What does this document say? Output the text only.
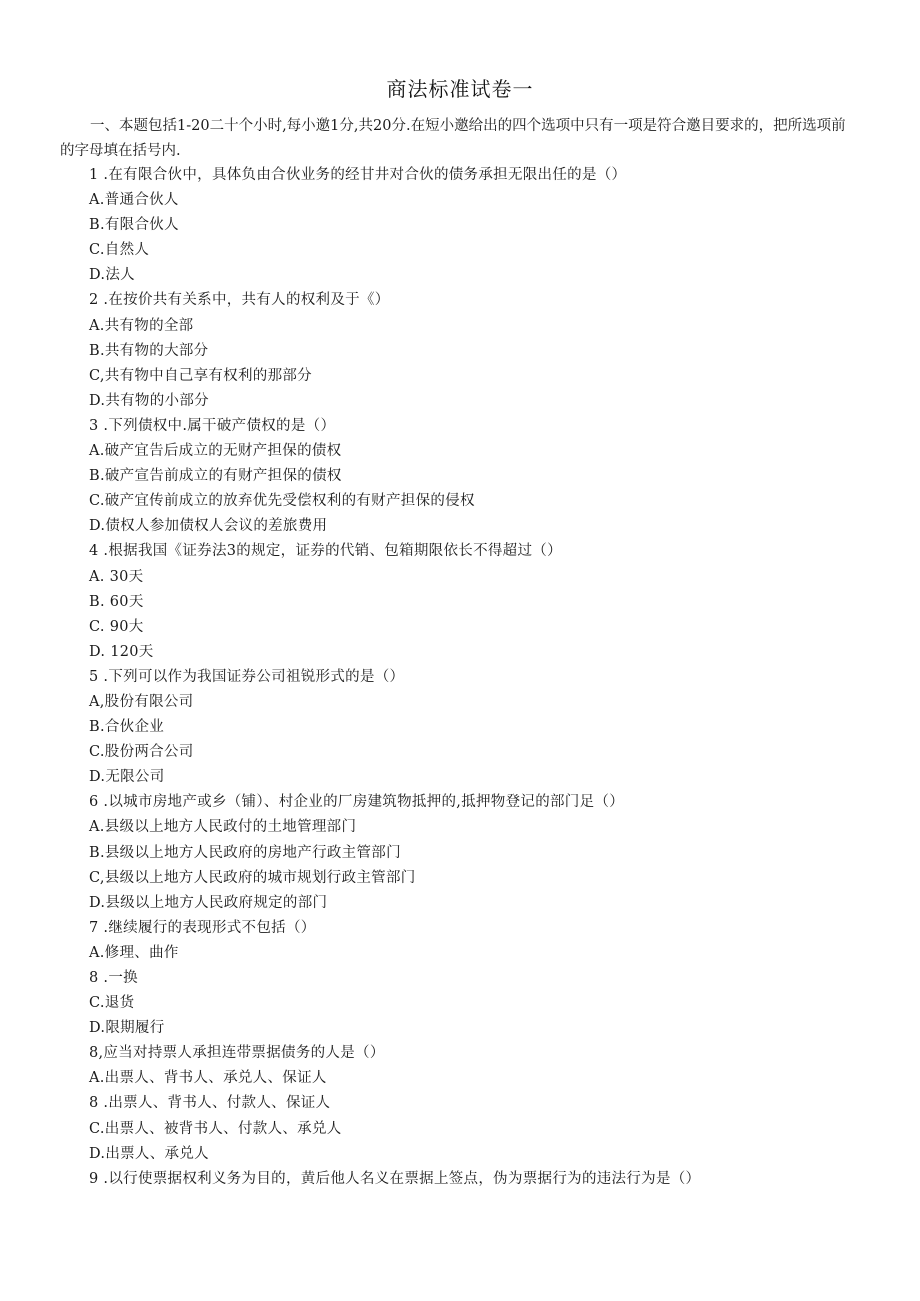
商法标准试卷一

一、本题包括1-20二十个小时,每小邀1分,共20分.在短小邀给出的四个选项中只有一项是符合邀目要求的，把所选项前的字母填在括号内.

1 .在有限合伙中，具体负由合伙业务的经甘井对合伙的债务承担无限出任的是（）
A.普通合伙人
B.有限合伙人
C.自然人
D.法人
2 .在按价共有关系中，共有人的权利及于《）
A.共有物的全部
B.共有物的大部分
C,共有物中自己享有权利的那部分
D.共有物的小部分
3 .下列债权中.属干破产债权的是（）
A.破产宜告后成立的无财产担保的债权
B.破产宣告前成立的有财产担保的债权
C.破产宜传前成立的放弃优先受偿权利的有财产担保的侵权
D.债权人参加债权人会议的差旅费用
4 .根据我国《证券法3的规定，证券的代销、包箱期限依长不得超过（）
A. 30天
B. 60天
C. 90大
D. 120天
5 .下列可以作为我国证券公司祖锐形式的是（）
A,股份有限公司
B.合伙企业
C.股份两合公司
D.无限公司
6 .以城市房地产或乡（铺）、村企业的厂房建筑物抵押的,抵押物登记的部门足（）
A.县级以上地方人民政付的土地管理部门
B.县级以上地方人民政府的房地产行政主管部门
C,县级以上地方人民政府的城市规划行政主管部门
D.县级以上地方人民政府规定的部门
7 .继续履行的表现形式不包括（）
A.修理、曲作
8 .一换
C.退货
D.限期履行
8,应当对持票人承担连带票据债务的人是（）
A.出票人、背书人、承兑人、保证人
8 .出票人、背书人、付款人、保证人
C.出票人、被背书人、付款人、承兑人
D.出票人、承兑人
9 .以行使票据权利义务为目的，黄后他人名义在票据上签点，伪为票据行为的违法行为是（）
